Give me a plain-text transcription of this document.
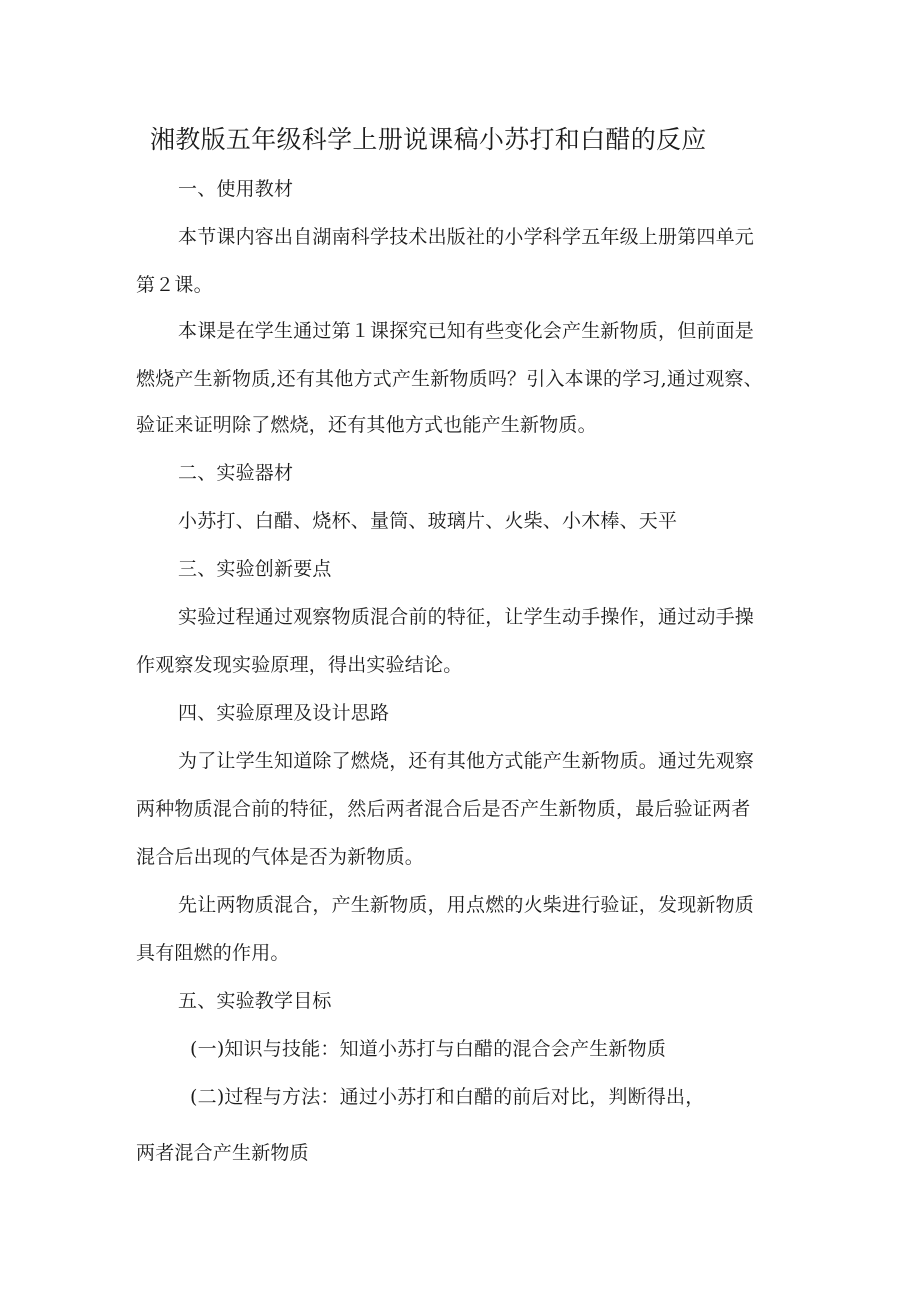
湘教版五年级科学上册说课稿小苏打和白醋的反应
一、使用教材
本节课内容出自湖南科学技术出版社的小学科学五年级上册第四单元
第２课。
本课是在学生通过第１课探究已知有些变化会产生新物质，但前面是
燃烧产生新物质,还有其他方式产生新物质吗？引入本课的学习,通过观察、
验证来证明除了燃烧，还有其他方式也能产生新物质。
二、实验器材
小苏打、白醋、烧杯、量筒、玻璃片、火柴、小木棒、天平
三、实验创新要点
实验过程通过观察物质混合前的特征，让学生动手操作，通过动手操
作观察发现实验原理，得出实验结论。
四、实验原理及设计思路
为了让学生知道除了燃烧，还有其他方式能产生新物质。通过先观察
两种物质混合前的特征，然后两者混合后是否产生新物质，最后验证两者
混合后出现的气体是否为新物质。
先让两物质混合，产生新物质，用点燃的火柴进行验证，发现新物质
具有阻燃的作用。
五、实验教学目标
(一)知识与技能：知道小苏打与白醋的混合会产生新物质
(二)过程与方法：通过小苏打和白醋的前后对比，判断得出，
两者混合产生新物质
